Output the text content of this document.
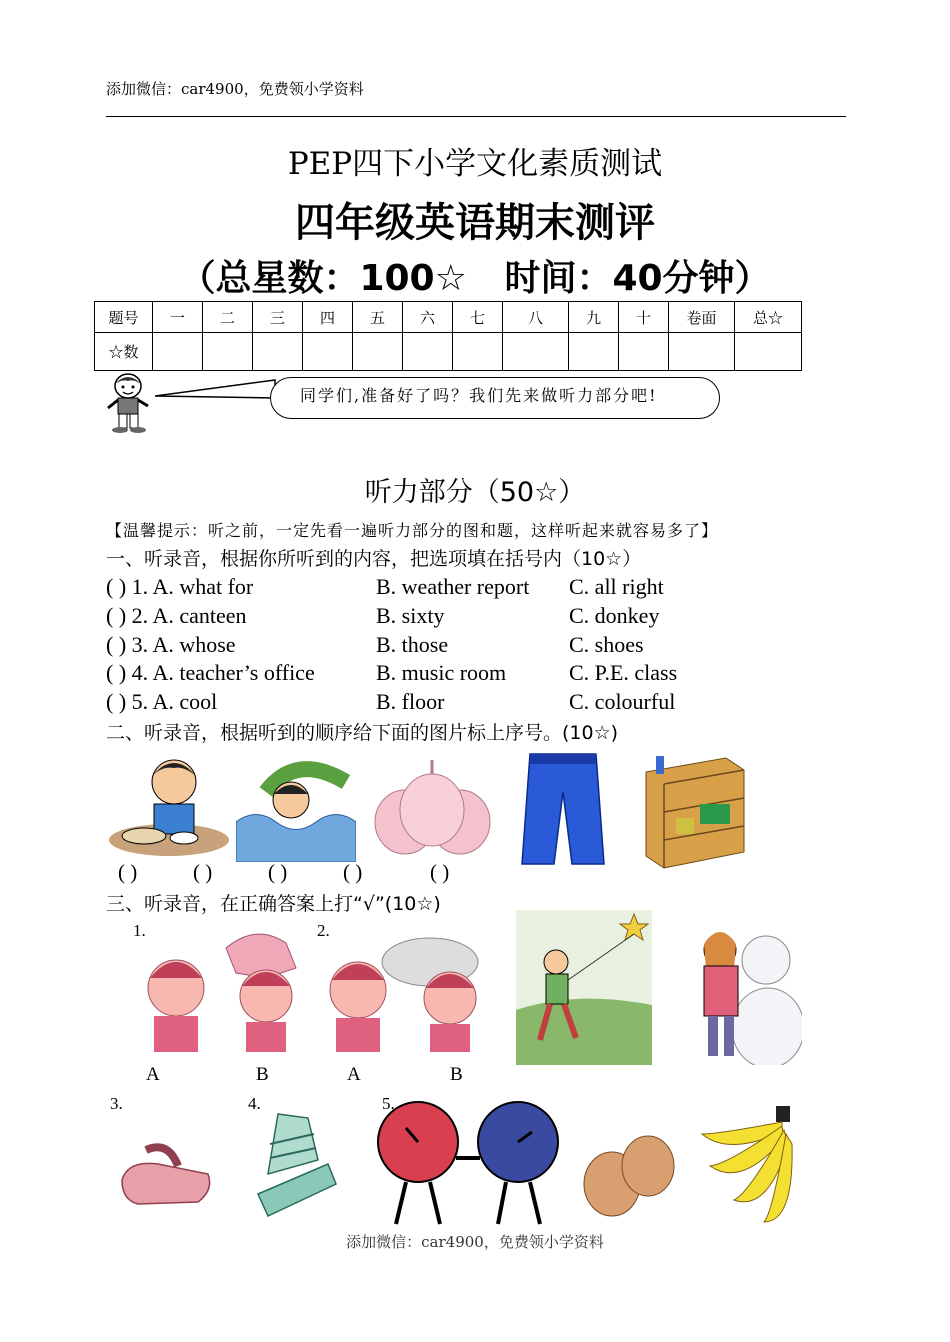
添加微信：car4900，免费领小学资料
PEP四下小学文化素质测试
四年级英语期末测评
（总星数：100☆   时间：40分钟）
题号	一	二	三	四	五	六	七	八	九	十	卷面	总☆
☆数												
同学们,准备好了吗？我们先来做听力部分吧!
听力部分（50☆）
【温馨提示：听之前，一定先看一遍听力部分的图和题，这样听起来就容易多了】
一、听录音，根据你所听到的内容，把选项填在括号内（10☆）
( ) 1. A. what for	B. weather report C. all right
( ) 2. A. canteen	B. sixty	C. donkey
( ) 3. A. whose	B. those	C. shoes
( ) 4. A. teacher’s office	B. music room	C. P.E. class
( ) 5. A. cool	B. floor	C. colourful
二、听录音，根据听到的顺序给下面的图片标上序号。(10☆)
( )	( )	( )	( )	( )
三、听录音，在正确答案上打“√”(10☆)
1.	2.
A	B	A	B
3.	4.	5.
添加微信：car4900，免费领小学资料
